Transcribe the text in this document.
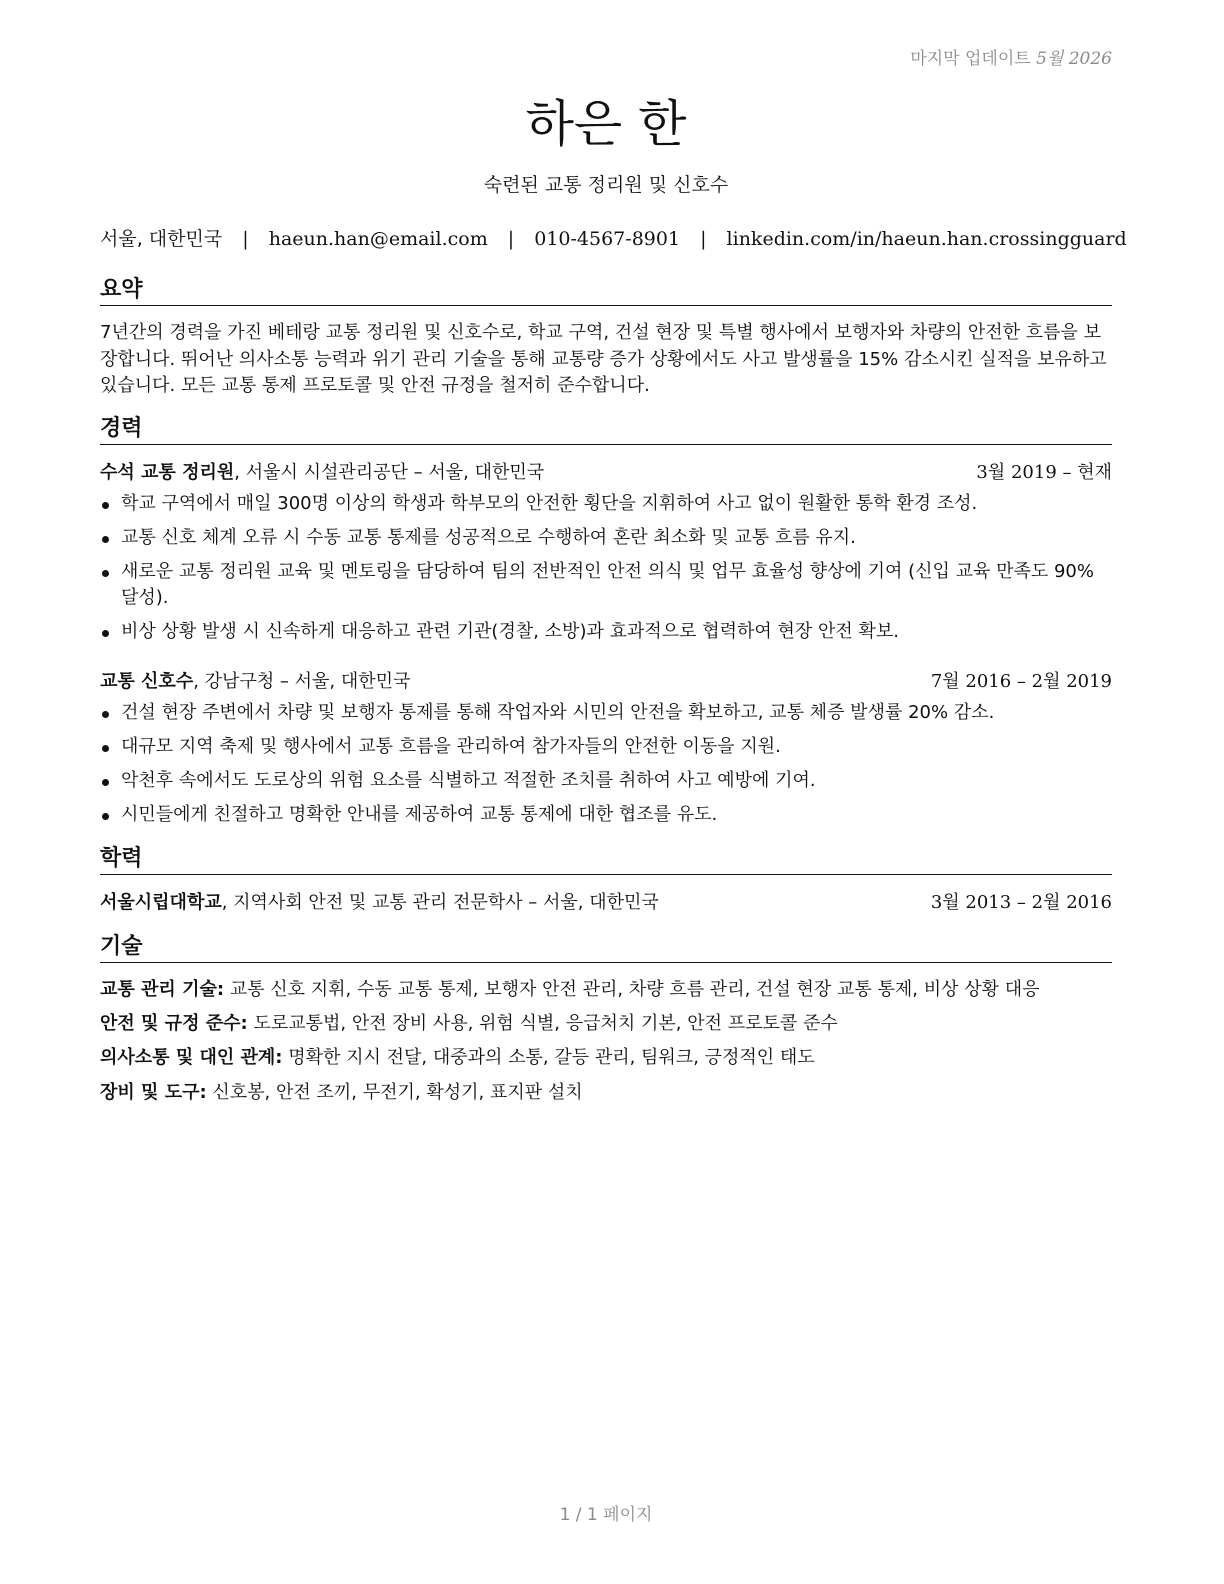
마지막 업데이트 5월 2026
하은 한
숙련된 교통 정리원 및 신호수
서울, 대한민국 | haeun.han@email.com | 010-4567-8901 | linkedin.com/in/haeun.han.crossingguard
요약
7년간의 경력을 가진 베테랑 교통 정리원 및 신호수로, 학교 구역, 건설 현장 및 특별 행사에서 보행자와 차량의 안전한 흐름을 보장합니다. 뛰어난 의사소통 능력과 위기 관리 기술을 통해 교통량 증가 상황에서도 사고 발생률을 15% 감소시킨 실적을 보유하고 있습니다. 모든 교통 통제 프로토콜 및 안전 규정을 철저히 준수합니다.
경력
수석 교통 정리원, 서울시 시설관리공단 – 서울, 대한민국	3월 2019 – 현재
학교 구역에서 매일 300명 이상의 학생과 학부모의 안전한 횡단을 지휘하여 사고 없이 원활한 통학 환경 조성.
교통 신호 체계 오류 시 수동 교통 통제를 성공적으로 수행하여 혼란 최소화 및 교통 흐름 유지.
새로운 교통 정리원 교육 및 멘토링을 담당하여 팀의 전반적인 안전 의식 및 업무 효율성 향상에 기여 (신입 교육 만족도 90% 달성).
비상 상황 발생 시 신속하게 대응하고 관련 기관(경찰, 소방)과 효과적으로 협력하여 현장 안전 확보.
교통 신호수, 강남구청 – 서울, 대한민국	7월 2016 – 2월 2019
건설 현장 주변에서 차량 및 보행자 통제를 통해 작업자와 시민의 안전을 확보하고, 교통 체증 발생률 20% 감소.
대규모 지역 축제 및 행사에서 교통 흐름을 관리하여 참가자들의 안전한 이동을 지원.
악천후 속에서도 도로상의 위험 요소를 식별하고 적절한 조치를 취하여 사고 예방에 기여.
시민들에게 친절하고 명확한 안내를 제공하여 교통 통제에 대한 협조를 유도.
학력
서울시립대학교, 지역사회 안전 및 교통 관리 전문학사 – 서울, 대한민국	3월 2013 – 2월 2016
기술
교통 관리 기술: 교통 신호 지휘, 수동 교통 통제, 보행자 안전 관리, 차량 흐름 관리, 건설 현장 교통 통제, 비상 상황 대응
안전 및 규정 준수: 도로교통법, 안전 장비 사용, 위험 식별, 응급처치 기본, 안전 프로토콜 준수
의사소통 및 대인 관계: 명확한 지시 전달, 대중과의 소통, 갈등 관리, 팀워크, 긍정적인 태도
장비 및 도구: 신호봉, 안전 조끼, 무전기, 확성기, 표지판 설치
1 / 1 페이지
